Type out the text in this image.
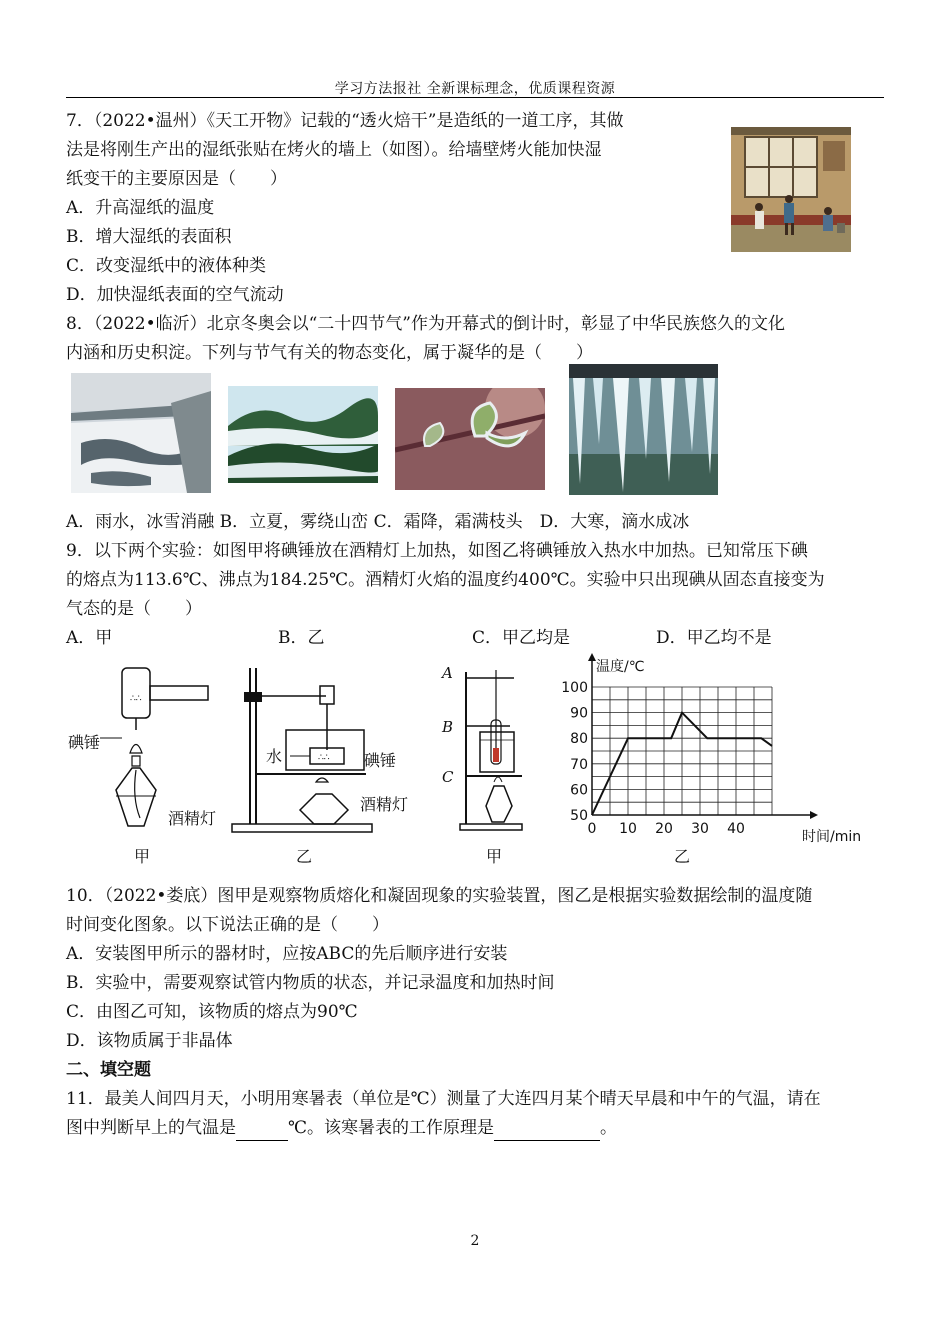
学习方法报社 全新课标理念，优质课程资源
7．（2022•温州）《天工开物》记载的“透火焙干”是造纸的一道工序，其做
法是将刚生产出的湿纸张贴在烤火的墙上（如图）。给墙壁烤火能加快湿
纸变干的主要原因是（　　）
A．升高湿纸的温度
B．增大湿纸的表面积
C．改变湿纸中的液体种类
D．加快湿纸表面的空气流动
8．（2022•临沂）北京冬奥会以“二十四节气”作为开幕式的倒计时，彰显了中华民族悠久的文化
内涵和历史积淀。下列与节气有关的物态变化，属于凝华的是（　　）
A．雨水，冰雪消融 B．立夏，雾绕山峦 C．霜降，霜满枝头　D．大寒，滴水成冰
9．以下两个实验：如图甲将碘锤放在酒精灯上加热，如图乙将碘锤放入热水中加热。已知常压下碘
的熔点为113.6℃、沸点为184.25℃。酒精灯火焰的温度约400℃。实验中只出现碘从固态直接变为
气态的是（　　）
A．甲	B．乙	C．甲乙均是	D．甲乙均不是
∴∴
∴∴
碘锤
酒精灯
水	碘锤
酒精灯
甲	乙
A
B
C
甲
0 10 20 30 40
50
60
70
80
90
100
温度/℃
时间/min
乙
10．（2022•娄底）图甲是观察物质熔化和凝固现象的实验装置，图乙是根据实验数据绘制的温度随
时间变化图象。以下说法正确的是（　　）
A．安装图甲所示的器材时，应按ABC的先后顺序进行安装
B．实验中，需要观察试管内物质的状态，并记录温度和加热时间
C．由图乙可知，该物质的熔点为90℃
D．该物质属于非晶体
二、填空题
11．最美人间四月天，小明用寒暑表（单位是℃）测量了大连四月某个晴天早晨和中午的气温，请在
图中判断早上的气温是	℃。该寒暑表的工作原理是	。
2
